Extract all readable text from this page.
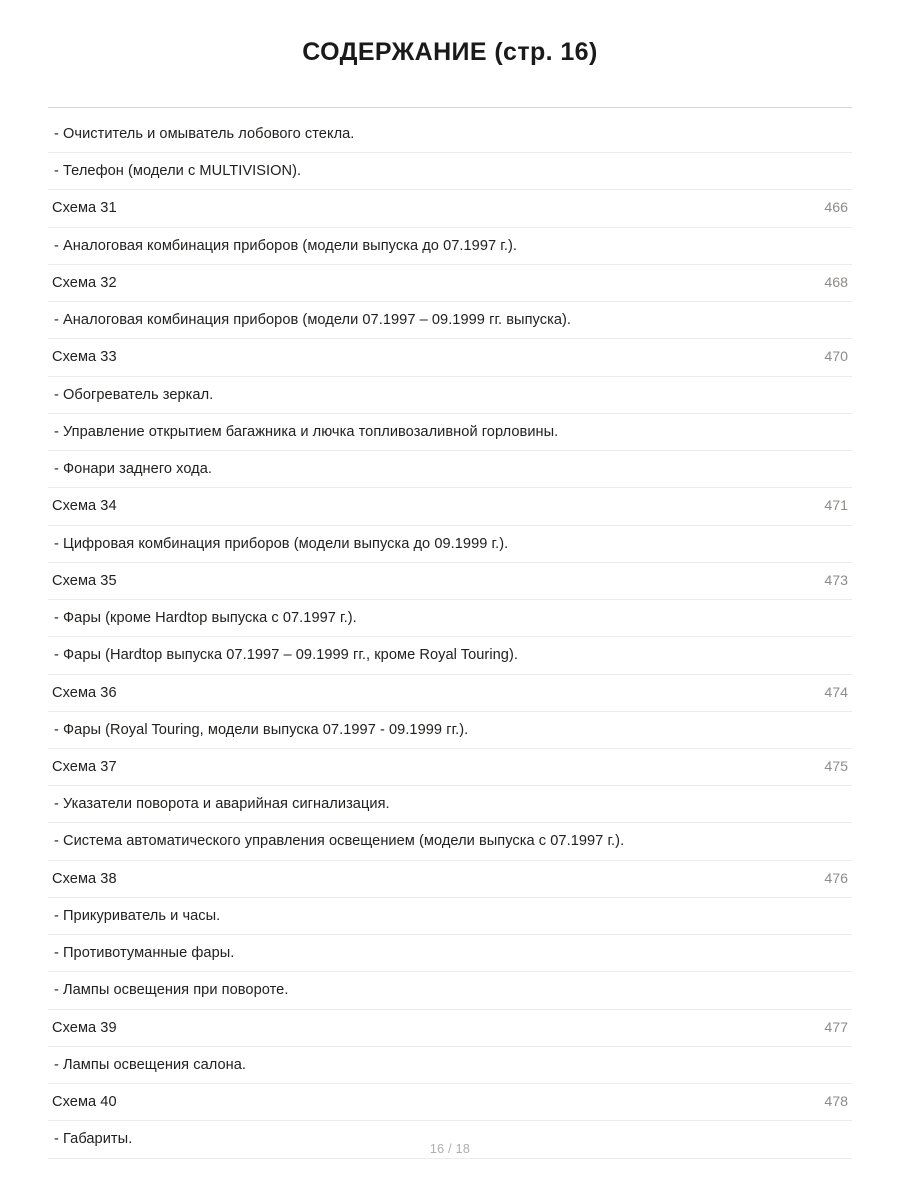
СОДЕРЖАНИЕ (стр. 16)
- Очиститель и омыватель лобового стекла.
- Телефон (модели с MULTIVISION).
Схема 31	466
- Аналоговая комбинация приборов (модели выпуска до 07.1997 г.).
Схема 32	468
- Аналоговая комбинация приборов (модели 07.1997 – 09.1999 гг. выпуска).
Схема 33	470
- Обогреватель зеркал.
- Управление открытием багажника и лючка топливозаливной горловины.
- Фонари заднего хода.
Схема 34	471
- Цифровая комбинация приборов (модели выпуска до 09.1999 г.).
Схема 35	473
- Фары (кроме Hardtop выпуска с 07.1997 г.).
- Фары (Hardtop выпуска 07.1997 – 09.1999 гг., кроме Royal Touring).
Схема 36	474
- Фары (Royal Touring, модели выпуска 07.1997 - 09.1999 гг.).
Схема 37	475
- Указатели поворота и аварийная сигнализация.
- Система автоматического управления освещением (модели выпуска с 07.1997 г.).
Схема 38	476
- Прикуриватель и часы.
- Противотуманные фары.
- Лампы освещения при повороте.
Схема 39	477
- Лампы освещения салона.
Схема 40	478
- Габариты.
16 / 18
